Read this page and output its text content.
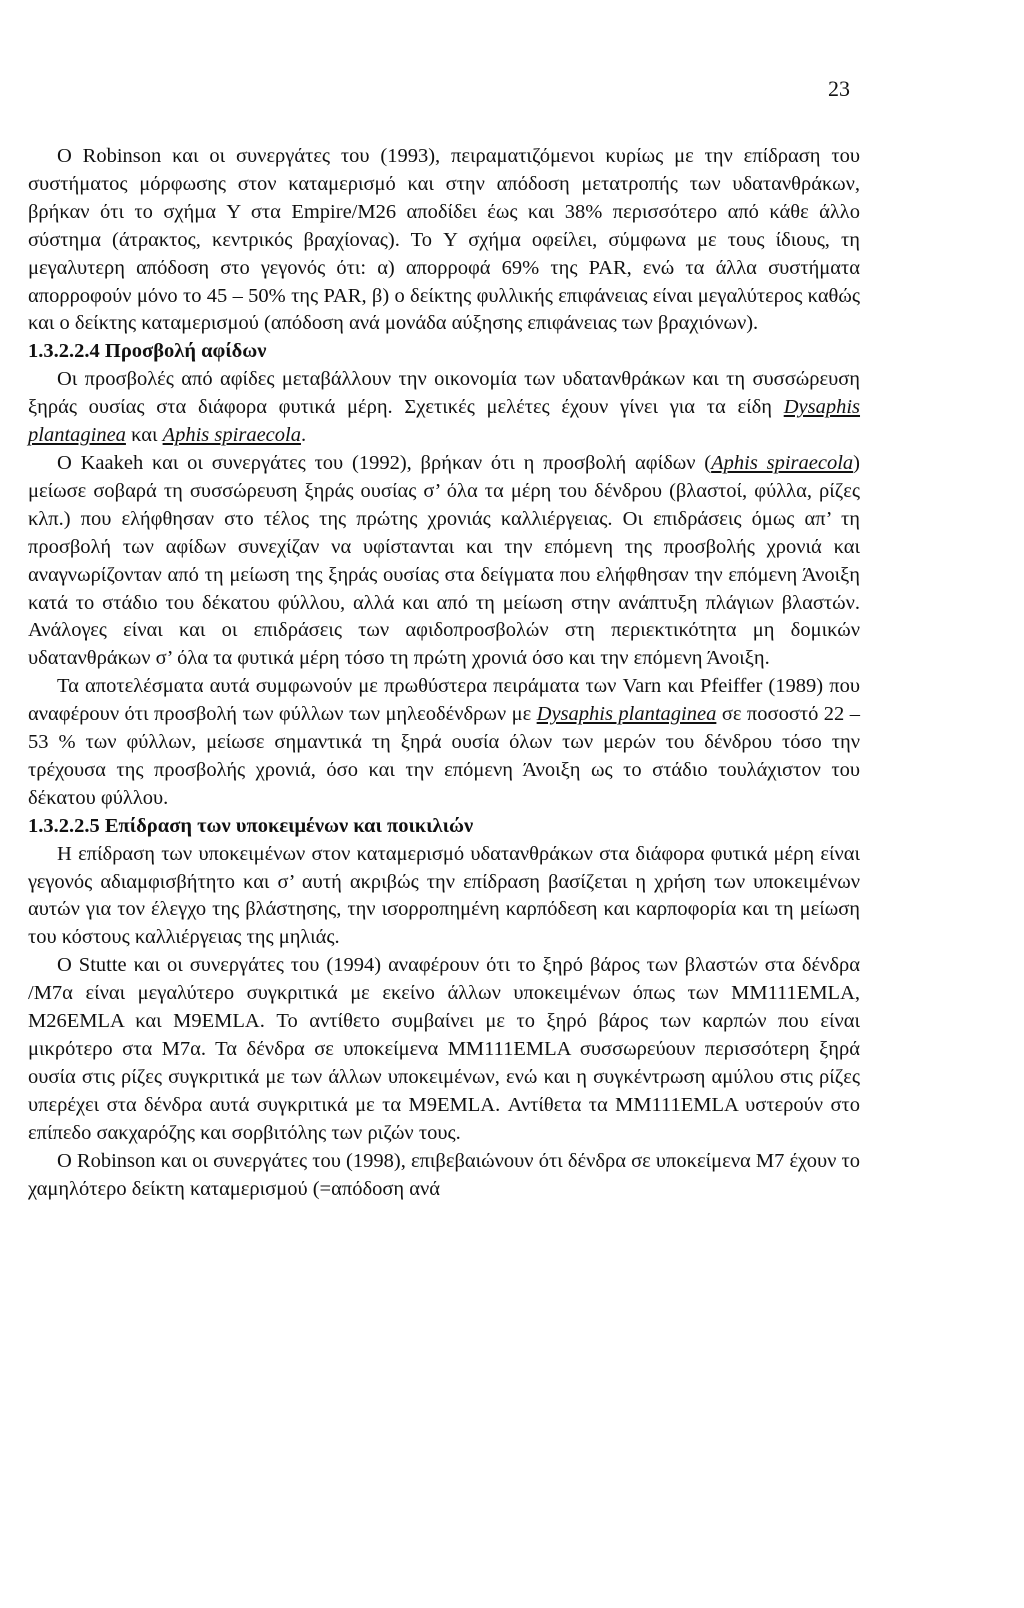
23

Ο Robinson και οι συνεργάτες του (1993), πειραματιζόμενοι κυρίως με την επίδραση του συστήματος μόρφωσης στον καταμερισμό και στην απόδοση μετατροπής των υδατανθράκων, βρήκαν ότι το σχήμα Y στα Empire/M26 αποδίδει έως και 38% περισσότερο από κάθε άλλο σύστημα (άτρακτος, κεντρικός βραχίονας). Το Y σχήμα οφείλει, σύμφωνα με τους ίδιους, τη μεγαλυτερη απόδοση στο γεγονός ότι: α) απορροφά 69% της PAR, ενώ τα άλλα συστήματα απορροφούν μόνο το 45 – 50% της PAR, β) ο δείκτης φυλλικής επιφάνειας είναι μεγαλύτερος καθώς και ο δείκτης καταμερισμού (απόδοση ανά μονάδα αύξησης επιφάνειας των βραχιόνων).

1.3.2.2.4 Προσβολή αφίδων

Οι προσβολές από αφίδες μεταβάλλουν την οικονομία των υδατανθράκων και τη συσσώρευση ξηράς ουσίας στα διάφορα φυτικά μέρη. Σχετικές μελέτες έχουν γίνει για τα είδη Dysaphis plantaginea και Aphis spiraecola.

Ο Kaakeh και οι συνεργάτες του (1992), βρήκαν ότι η προσβολή αφίδων (Aphis spiraecola) μείωσε σοβαρά τη συσσώρευση ξηράς ουσίας σ’ όλα τα μέρη του δένδρου (βλαστοί, φύλλα, ρίζες κλπ.) που ελήφθησαν στο τέλος της πρώτης χρονιάς καλλιέργειας. Οι επιδράσεις όμως απ’ τη προσβολή των αφίδων συνεχίζαν να υφίστανται και την επόμενη της προσβολής χρονιά και αναγνωρίζονταν από τη μείωση της ξηράς ουσίας στα δείγματα που ελήφθησαν την επόμενη Άνοιξη κατά το στάδιο του δέκατου φύλλου, αλλά και από τη μείωση στην ανάπτυξη πλάγιων βλαστών. Ανάλογες είναι και οι επιδράσεις των αφιδοπροσβολών στη περιεκτικότητα μη δομικών υδατανθράκων σ’ όλα τα φυτικά μέρη τόσο τη πρώτη χρονιά όσο και την επόμενη Άνοιξη.

Τα αποτελέσματα αυτά συμφωνούν με πρωθύστερα πειράματα των Varn και Pfeiffer (1989) που αναφέρουν ότι προσβολή των φύλλων των μηλεοδένδρων με Dysaphis plantaginea σε ποσοστό 22 – 53 % των φύλλων, μείωσε σημαντικά τη ξηρά ουσία όλων των μερών του δένδρου τόσο την τρέχουσα της προσβολής χρονιά, όσο και την επόμενη Άνοιξη ως το στάδιο τουλάχιστον του δέκατου φύλλου.

1.3.2.2.5 Επίδραση των υποκειμένων και ποικιλιών

Η επίδραση των υποκειμένων στον καταμερισμό υδατανθράκων στα διάφορα φυτικά μέρη είναι γεγονός αδιαμφισβήτητο και σ’ αυτή ακριβώς την επίδραση βασίζεται η χρήση των υποκειμένων αυτών για τον έλεγχο της βλάστησης, την ισορροπημένη καρπόδεση και καρποφορία και τη μείωση του κόστους καλλιέργειας της μηλιάς.

Ο Stutte και οι συνεργάτες του (1994) αναφέρουν ότι το ξηρό βάρος των βλαστών στα δένδρα /M7α είναι μεγαλύτερο συγκριτικά με εκείνο άλλων υποκειμένων όπως των MM111EMLA, M26EMLA και M9EMLA. Το αντίθετο συμβαίνει με το ξηρό βάρος των καρπών που είναι μικρότερο στα M7α. Τα δένδρα σε υποκείμενα MM111EMLA συσσωρεύουν περισσότερη ξηρά ουσία στις ρίζες συγκριτικά με των άλλων υποκειμένων, ενώ και η συγκέντρωση αμύλου στις ρίζες υπερέχει στα δένδρα αυτά συγκριτικά με τα M9EMLA. Αντίθετα τα MM111EMLA υστερούν στο επίπεδο σακχαρόζης και σορβιτόλης των ριζών τους.

Ο Robinson και οι συνεργάτες του (1998), επιβεβαιώνουν ότι δένδρα σε υποκείμενα M7 έχουν το χαμηλότερο δείκτη καταμερισμού (=απόδοση ανά
